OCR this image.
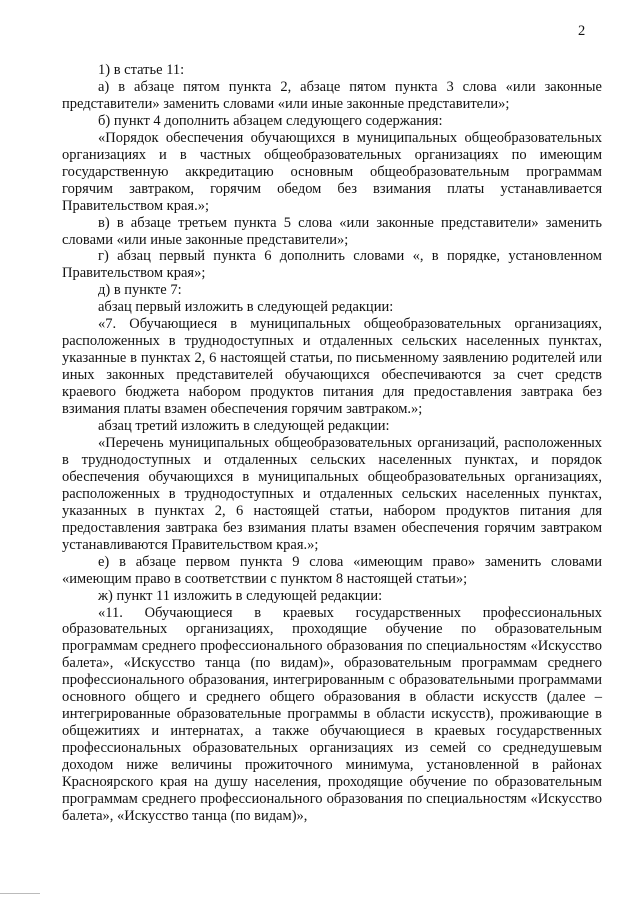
2

1) в статье 11:

а) в абзаце пятом пункта 2, абзаце пятом пункта 3 слова «или законные представители» заменить словами «или иные законные представители»;

б) пункт 4 дополнить абзацем следующего содержания:

«Порядок обеспечения обучающихся в муниципальных общеобразовательных организациях и в частных общеобразовательных организациях по имеющим государственную аккредитацию основным общеобразовательным программам горячим завтраком, горячим обедом без взимания платы устанавливается Правительством края.»;

в) в абзаце третьем пункта 5 слова «или законные представители» заменить словами «или иные законные представители»;

г) абзац первый пункта 6 дополнить словами «, в порядке, установленном Правительством края»;

д) в пункте 7:

абзац первый изложить в следующей редакции:

«7. Обучающиеся в муниципальных общеобразовательных организациях, расположенных в труднодоступных и отдаленных сельских населенных пунктах, указанные в пунктах 2, 6 настоящей статьи, по письменному заявлению родителей или иных законных представителей обучающихся обеспечиваются за счет средств краевого бюджета набором продуктов питания для предоставления завтрака без взимания платы взамен обеспечения горячим завтраком.»;

абзац третий изложить в следующей редакции:

«Перечень муниципальных общеобразовательных организаций, расположенных в труднодоступных и отдаленных сельских населенных пунктах, и порядок обеспечения обучающихся в муниципальных общеобразовательных организациях, расположенных в труднодоступных и отдаленных сельских населенных пунктах, указанных в пунктах 2, 6 настоящей статьи, набором продуктов питания для предоставления завтрака без взимания платы взамен обеспечения горячим завтраком устанавливаются Правительством края.»;

е) в абзаце первом пункта 9 слова «имеющим право» заменить словами «имеющим право в соответствии с пунктом 8 настоящей статьи»;

ж) пункт 11 изложить в следующей редакции:

«11. Обучающиеся в краевых государственных профессиональных образовательных организациях, проходящие обучение по образовательным программам среднего профессионального образования по специальностям «Искусство балета», «Искусство танца (по видам)», образовательным программам среднего профессионального образования, интегрированным с образовательными программами основного общего и среднего общего образования в области искусств (далее – интегрированные образовательные программы в области искусств), проживающие в общежитиях и интернатах, а также обучающиеся в краевых государственных профессиональных образовательных организациях из семей со среднедушевым доходом ниже величины прожиточного минимума, установленной в районах Красноярского края на душу населения, проходящие обучение по образовательным программам среднего профессионального образования по специальностям «Искусство балета», «Искусство танца (по видам)»,
